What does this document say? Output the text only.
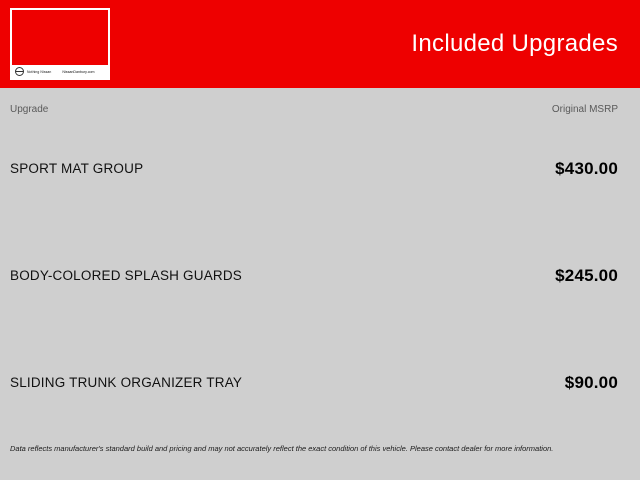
Nothing Nissan	NissanDanbury.com
Included Upgrades
Upgrade	Original MSRP
SPORT MAT GROUP	$430.00
BODY-COLORED SPLASH GUARDS	$245.00
SLIDING TRUNK ORGANIZER TRAY	$90.00
Data reflects manufacturer's standard build and pricing and may not accurately reflect the exact condition of this vehicle. Please contact dealer for more information.
